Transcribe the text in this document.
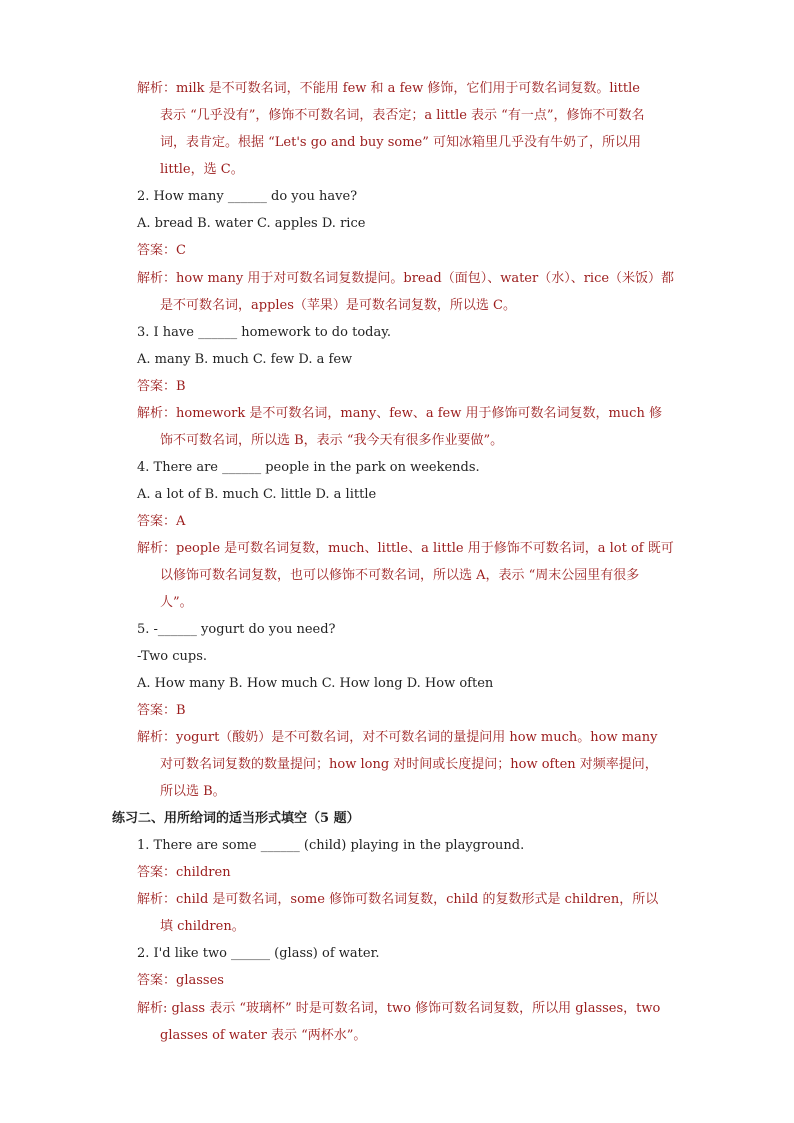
解析：milk 是不可数名词，不能用 few 和 a few 修饰，它们用于可数名词复数。little
表示 “几乎没有”，修饰不可数名词，表否定；a little 表示 “有一点”，修饰不可数名
词，表肯定。根据 “Let's go and buy some” 可知冰箱里几乎没有牛奶了，所以用
little，选 C。
2. How many ______ do you have?
A. bread B. water C. apples D. rice
答案：C
解析：how many 用于对可数名词复数提问。bread（面包）、water（水）、rice（米饭）都
是不可数名词，apples（苹果）是可数名词复数，所以选 C。
3. I have ______ homework to do today.
A. many B. much C. few D. a few
答案：B
解析：homework 是不可数名词，many、few、a few 用于修饰可数名词复数，much 修
饰不可数名词，所以选 B，表示 “我今天有很多作业要做”。
4. There are ______ people in the park on weekends.
A. a lot of B. much C. little D. a little
答案：A
解析：people 是可数名词复数，much、little、a little 用于修饰不可数名词，a lot of 既可
以修饰可数名词复数，也可以修饰不可数名词，所以选 A，表示 “周末公园里有很多
人”。
5. -______ yogurt do you need?
-Two cups.
A. How many B. How much C. How long D. How often
答案：B
解析：yogurt（酸奶）是不可数名词，对不可数名词的量提问用 how much。how many
对可数名词复数的数量提问；how long 对时间或长度提问；how often 对频率提问，
所以选 B。
练习二、用所给词的适当形式填空（5 题）
1. There are some ______ (child) playing in the playground.
答案：children
解析：child 是可数名词，some 修饰可数名词复数，child 的复数形式是 children，所以
填 children。
2. I'd like two ______ (glass) of water.
答案：glasses
解析: glass 表示 “玻璃杯” 时是可数名词，two 修饰可数名词复数，所以用 glasses，two
glasses of water 表示 “两杯水”。
